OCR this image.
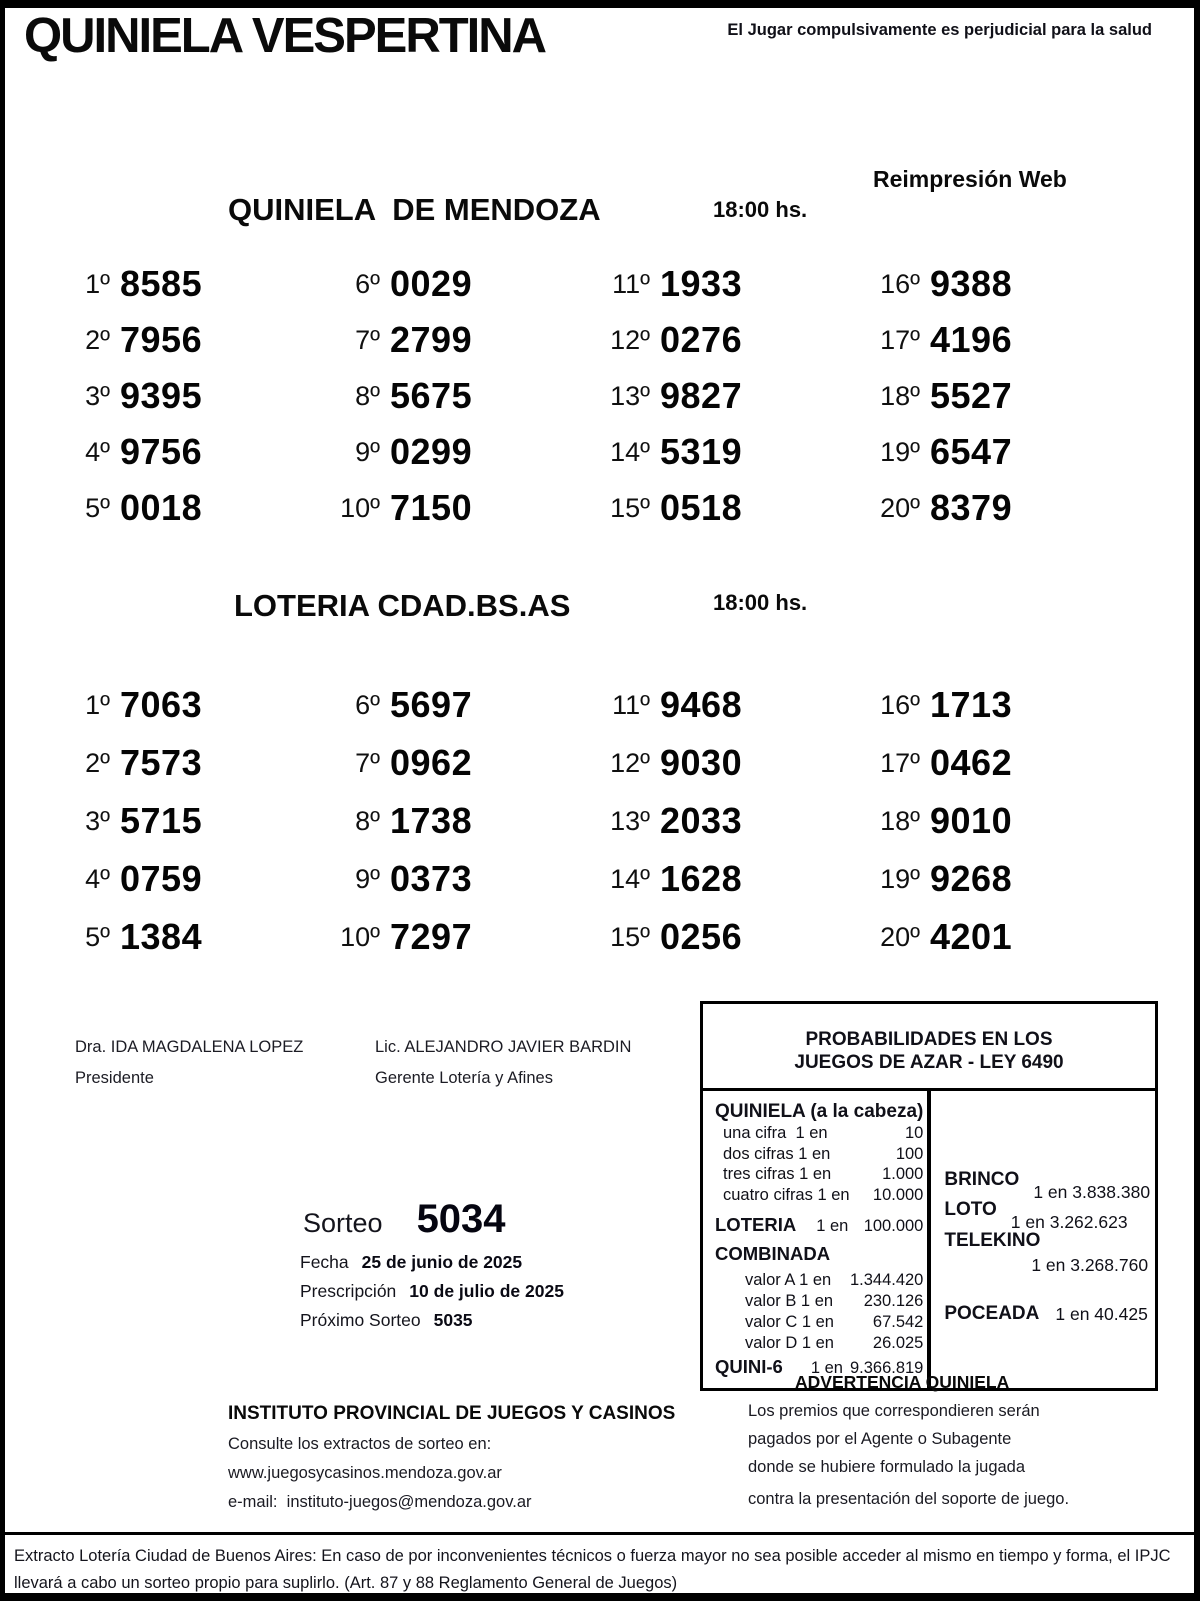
QUINIELA VESPERTINA	El Jugar compulsivamente es perjudicial para la salud
QUINIELA  DE MENDOZA	18:00 hs.
Reimpresión Web
1º 8585
2º 7956
3º 9395
4º 9756
5º 0018
6º 0029
7º 2799
8º 5675
9º 0299
10º 7150
11º 1933
12º 0276
13º 9827
14º 5319
15º 0518
16º 9388
17º 4196
18º 5527
19º 6547
20º 8379
LOTERIA CDAD.BS.AS	18:00 hs.
1º 7063
2º 7573
3º 5715
4º 0759
5º 1384
6º 5697
7º 0962
8º 1738
9º 0373
10º 7297
11º 9468
12º 9030
13º 2033
14º 1628
15º 0256
16º 1713
17º 0462
18º 9010
19º 9268
20º 4201
Dra. IDA MAGDALENA LOPEZ
Presidente
Lic. ALEJANDRO JAVIER BARDIN
Gerente Lotería y Afines
Sorteo 5034
Fecha 25 de junio de 2025
Prescripción 10 de julio de 2025
Próximo Sorteo 5035
PROBABILIDADES EN LOS
JUEGOS DE AZAR - LEY 6490
QUINIELA (a la cabeza)
una cifra  1 en	10
dos cifras 1 en	100
tres cifras 1 en	1.000
cuatro cifras 1 en 10.000
LOTERIA 1 en 100.000
COMBINADA
valor A 1 en 1.344.420
valor B 1 en 230.126
valor C 1 en 67.542
valor D 1 en 26.025
QUINI-6 1 en 9.366.819
BRINCO
1 en 3.838.380
LOTO
1 en 3.262.623
TELEKINO
1 en 3.268.760
POCEADA 1 en 40.425
ADVERTENCIA QUINIELA
Los premios que correspondieren serán
pagados por el Agente o Subagente
donde se hubiere formulado la jugada
contra la presentación del soporte de juego.
INSTITUTO PROVINCIAL DE JUEGOS Y CASINOS
Consulte los extractos de sorteo en:
www.juegosycasinos.mendoza.gov.ar
e-mail:  instituto-juegos@mendoza.gov.ar
Extracto Lotería Ciudad de Buenos Aires: En caso de por inconvenientes técnicos o fuerza mayor no sea posible acceder al mismo en tiempo y forma, el IPJC llevará a cabo un sorteo propio para suplirlo. (Art. 87 y 88 Reglamento General de Juegos)
